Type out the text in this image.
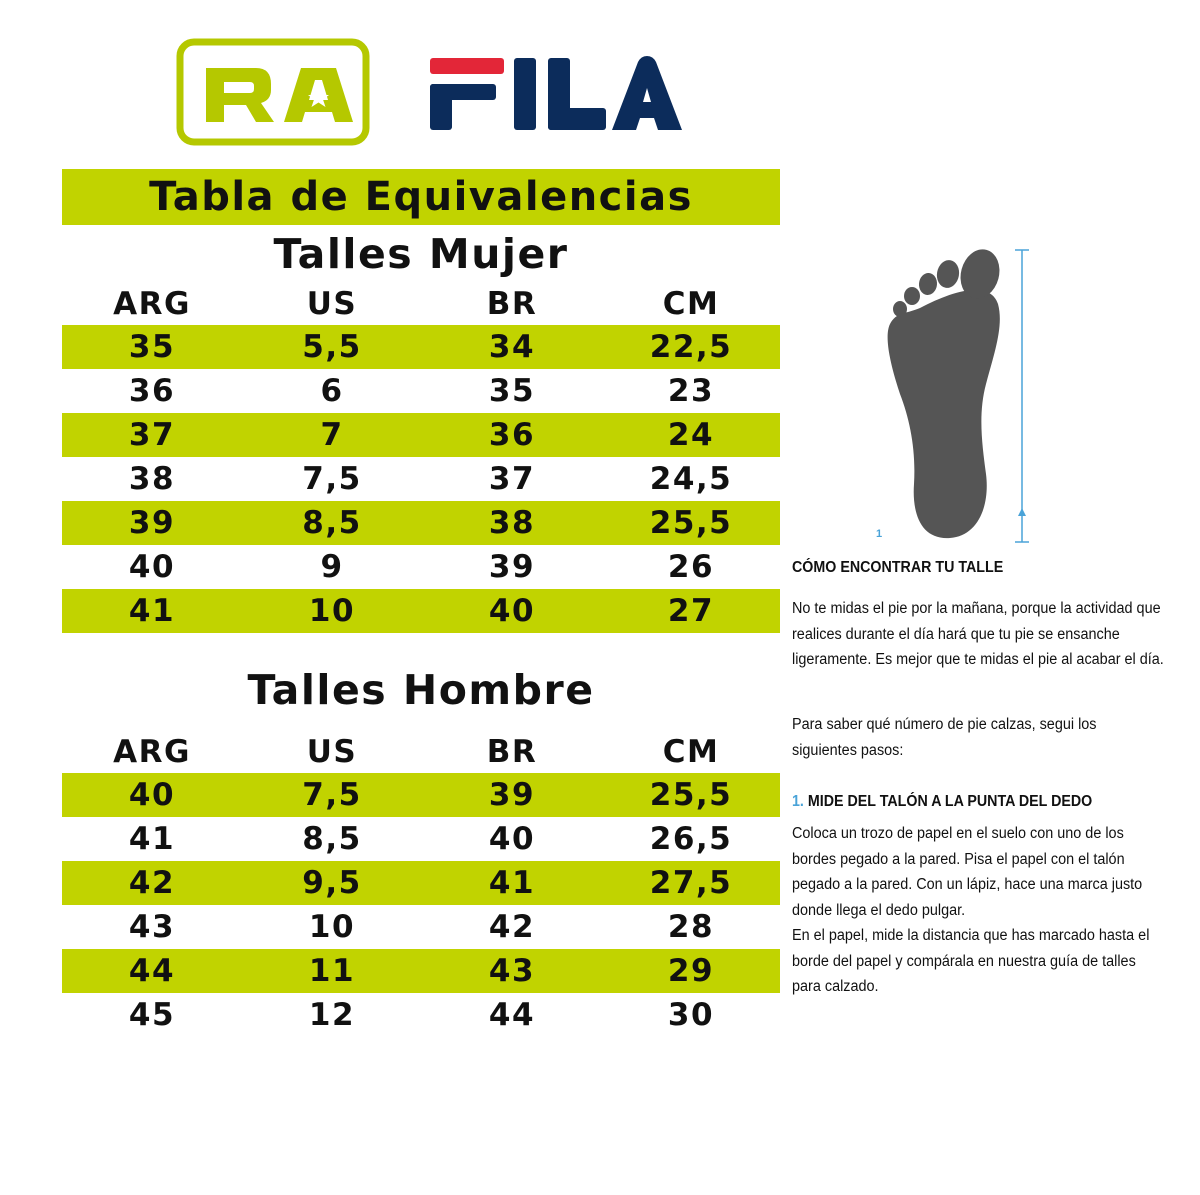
Tabla de Equivalencias
Talles Mujer
ARG	US	BR	CM
35	5,5	34	22,5
36	6	35	23
37	7	36	24
38	7,5	37	24,5
39	8,5	38	25,5
40	9	39	26
41	10	40	27
Talles Hombre
ARG	US	BR	CM
40	7,5	39	25,5
41	8,5	40	26,5
42	9,5	41	27,5
43	10	42	28
44	11	43	29
45	12	44	30
1
CÓMO ENCONTRAR TU TALLE
No te midas el pie por la mañana, porque la actividad que realices durante el día hará que tu pie se ensanche ligeramente. Es mejor que te midas el pie al acabar el día.
Para saber qué número de pie calzas, segui los siguientes pasos:
1. MIDE DEL TALÓN A LA PUNTA DEL DEDO
Coloca un trozo de papel en el suelo con uno de los bordes pegado a la pared. Pisa el papel con el talón pegado a la pared. Con un lápiz, hace una marca justo donde llega el dedo pulgar.
En el papel, mide la distancia que has marcado hasta el borde del papel y compárala en nuestra guía de talles para calzado.
